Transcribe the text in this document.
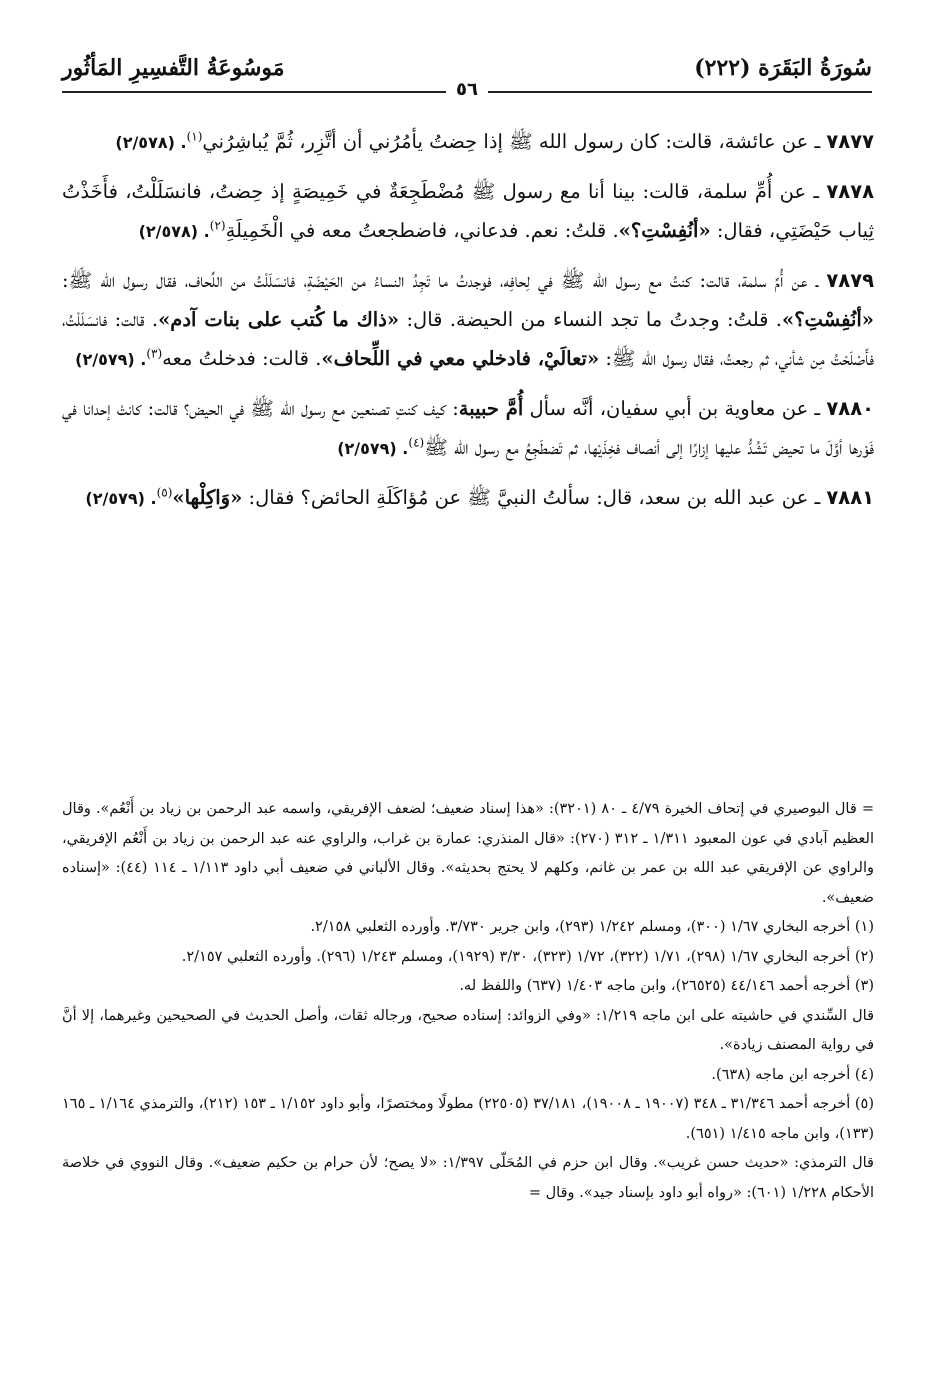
سُورَةُ البَقَرَة (٢٢٢)
مَوسُوعَةُ التَّفسِيرِ المَأثُور
٥٦

٧٨٧٧ ـ عن عائشة، قالت: كان رسول الله ﷺ إذا حِضتُ يأمُرُني أن أتَّزِر، ثُمَّ يُباشِرُني$^{(١)}$. (٢/٥٧٨)

٧٨٧٨ ـ عن أُمِّ سلمة، قالت: بينا أنا مع رسول ﷺ مُضْطَجِعَةٌ في خَمِيصَةٍ إذ حِضتُ، فانسَلَلْتُ، فأَخَذْتُ ثِياب حَيْضَتِي، فقال: «أنُفِسْتِ؟». قلتُ: نعم. فدعاني، فاضطجعتُ معه في الْخَمِيلَةِ$^{(٢)}$. (٢/٥٧٨)

٧٨٧٩ ـ عن أُمِّ سلمة، قالت: كنتُ مع رسول الله ﷺ في لِحافِه، فوجدتُ ما تَجِدُ النساءُ من الحَيْضَةِ، فانسَلَلْتُ من اللِّحاف، فقال رسول الله ﷺ: «أنُفِسْتِ؟». قلتُ: وجدتُ ما تجد النساء من الحيضة. قال: «ذاك ما كُتب على بنات آدم». قالت: فانسَلَلْتُ، فأَصْلَحْتُ مِن شأني، ثم رجعتُ، فقال رسول الله ﷺ: «تعالَيْ، فادخلي معي في اللِّحاف». قالت: فدخلتُ معه$^{(٣)}$. (٢/٥٧٩)

٧٨٨٠ ـ عن معاوية بن أبي سفيان، أنَّه سأل أُمَّ حبيبة: كيف كنتِ تصنعين مع رسول الله ﷺ في الحيض؟ قالت: كانتْ إحدانا في فَوْرها أوَّلَ ما تحيض تَشُدُّ عليها إزارًا إلى أنصاف فخِذَيْها، ثم تَضطَجِعُ مع رسول الله ﷺ$^{(٤)}$. (٢/٥٧٩)

٧٨٨١ ـ عن عبد الله بن سعد، قال: سألتُ النبيَّ ﷺ عن مُؤاكَلَةِ الحائض؟ فقال: «وَاكِلْها»$^{(٥)}$. (٢/٥٧٩)

= قال البوصيري في إتحاف الخيرة ٤/٧٩ ـ ٨٠ (٣٢٠١): «هذا إسناد ضعيف؛ لضعف الإفريقي، واسمه عبد الرحمن بن زياد بن أَنْعُم». وقال العظيم آبادي في عون المعبود ١/٣١١ ـ ٣١٢ (٢٧٠): «قال المنذري: عمارة بن غراب، والراوي عنه عبد الرحمن بن زياد بن أَنْعُم الإفريقي، والراوي عن الإفريقي عبد الله بن عمر بن غانم، وكلهم لا يحتج بحديثه». وقال الألباني في ضعيف أبي داود ١/١١٣ ـ ١١٤ (٤٤): «إسناده ضعيف».

(١) أخرجه البخاري ١/٦٧ (٣٠٠)، ومسلم ١/٢٤٢ (٢٩٣)، وابن جرير ٣/٧٣٠. وأورده الثعلبي ٢/١٥٨.

(٢) أخرجه البخاري ١/٦٧ (٢٩٨)، ١/٧١ (٣٢٢)، ١/٧٢ (٣٢٣)، ٣/٣٠ (١٩٢٩)، ومسلم ١/٢٤٣ (٢٩٦). وأورده الثعلبي ٢/١٥٧.

(٣) أخرجه أحمد ٤٤/١٤٦ (٢٦٥٢٥)، وابن ماجه ١/٤٠٣ (٦٣٧) واللفظ له.

قال السِّندي في حاشيته على ابن ماجه ١/٢١٩: «وفي الزوائد: إسناده صحيح، ورجاله ثقات، وأصل الحديث في الصحيحين وغيرهما، إلا أنَّ في رواية المصنف زيادة».

(٤) أخرجه ابن ماجه (٦٣٨).

(٥) أخرجه أحمد ٣١/٣٤٦ ـ ٣٤٨ (١٩٠٠٧ ـ ١٩٠٠٨)، ٣٧/١٨١ (٢٢٥٠٥) مطولًا ومختصرًا، وأبو داود ١/١٥٢ ـ ١٥٣ (٢١٢)، والترمذي ١/١٦٤ ـ ١٦٥ (١٣٣)، وابن ماجه ١/٤١٥ (٦٥١).

قال الترمذي: «حديث حسن غريب». وقال ابن حزم في المُحَلّى ١/٣٩٧: «لا يصح؛ لأن حرام بن حكيم ضعيف». وقال النووي في خلاصة الأحكام ١/٢٢٨ (٦٠١): «رواه أبو داود بإسناد جيد». وقال =
